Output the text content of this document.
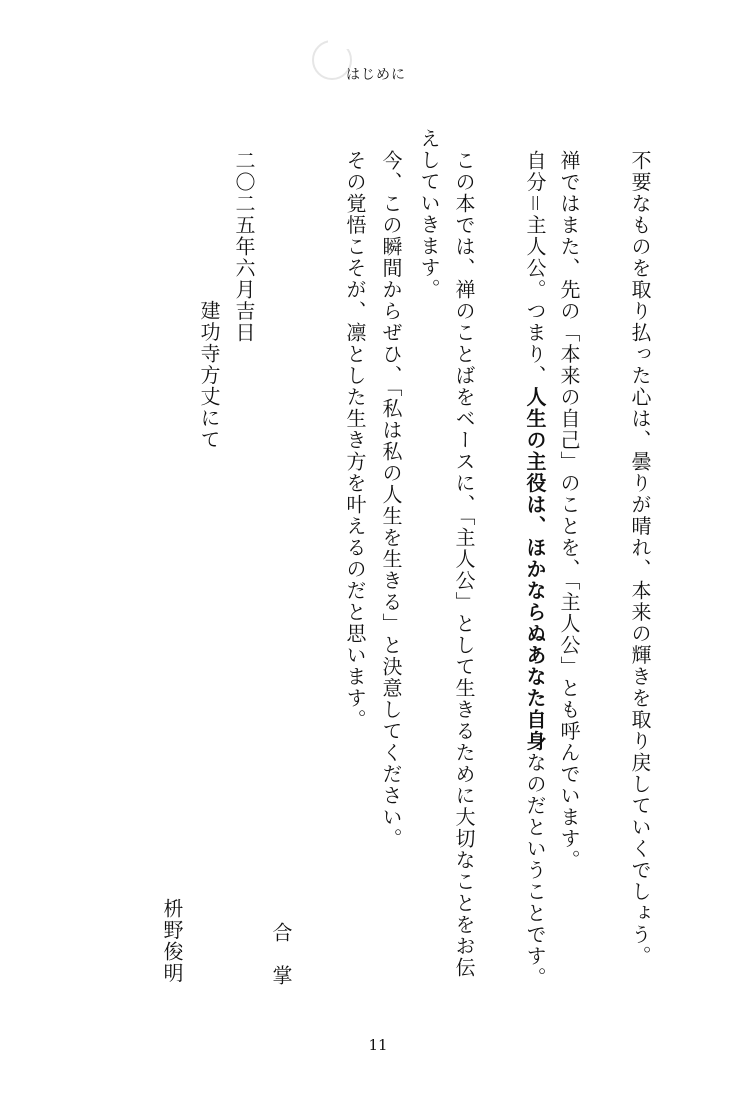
はじめに
不要なものを取り払った心は、曇りが晴れ、本来の輝きを取り戻していくでしょう。
禅ではまた、先の「本来の自己」のことを、「主人公」とも呼んでいます。
自分＝主人公。つまり、人生の主役は、ほかならぬあなた自身なのだということです。
この本では、禅のことばをベースに、「主人公」として生きるために大切なことをお伝
えしていきます。
今、この瞬間からぜひ、「私は私の人生を生きる」と決意してください。
その覚悟こそが、凛とした生き方を叶えるのだと思います。
合　掌
二〇二五年六月吉日
建功寺方丈にて
枡野俊明
11
